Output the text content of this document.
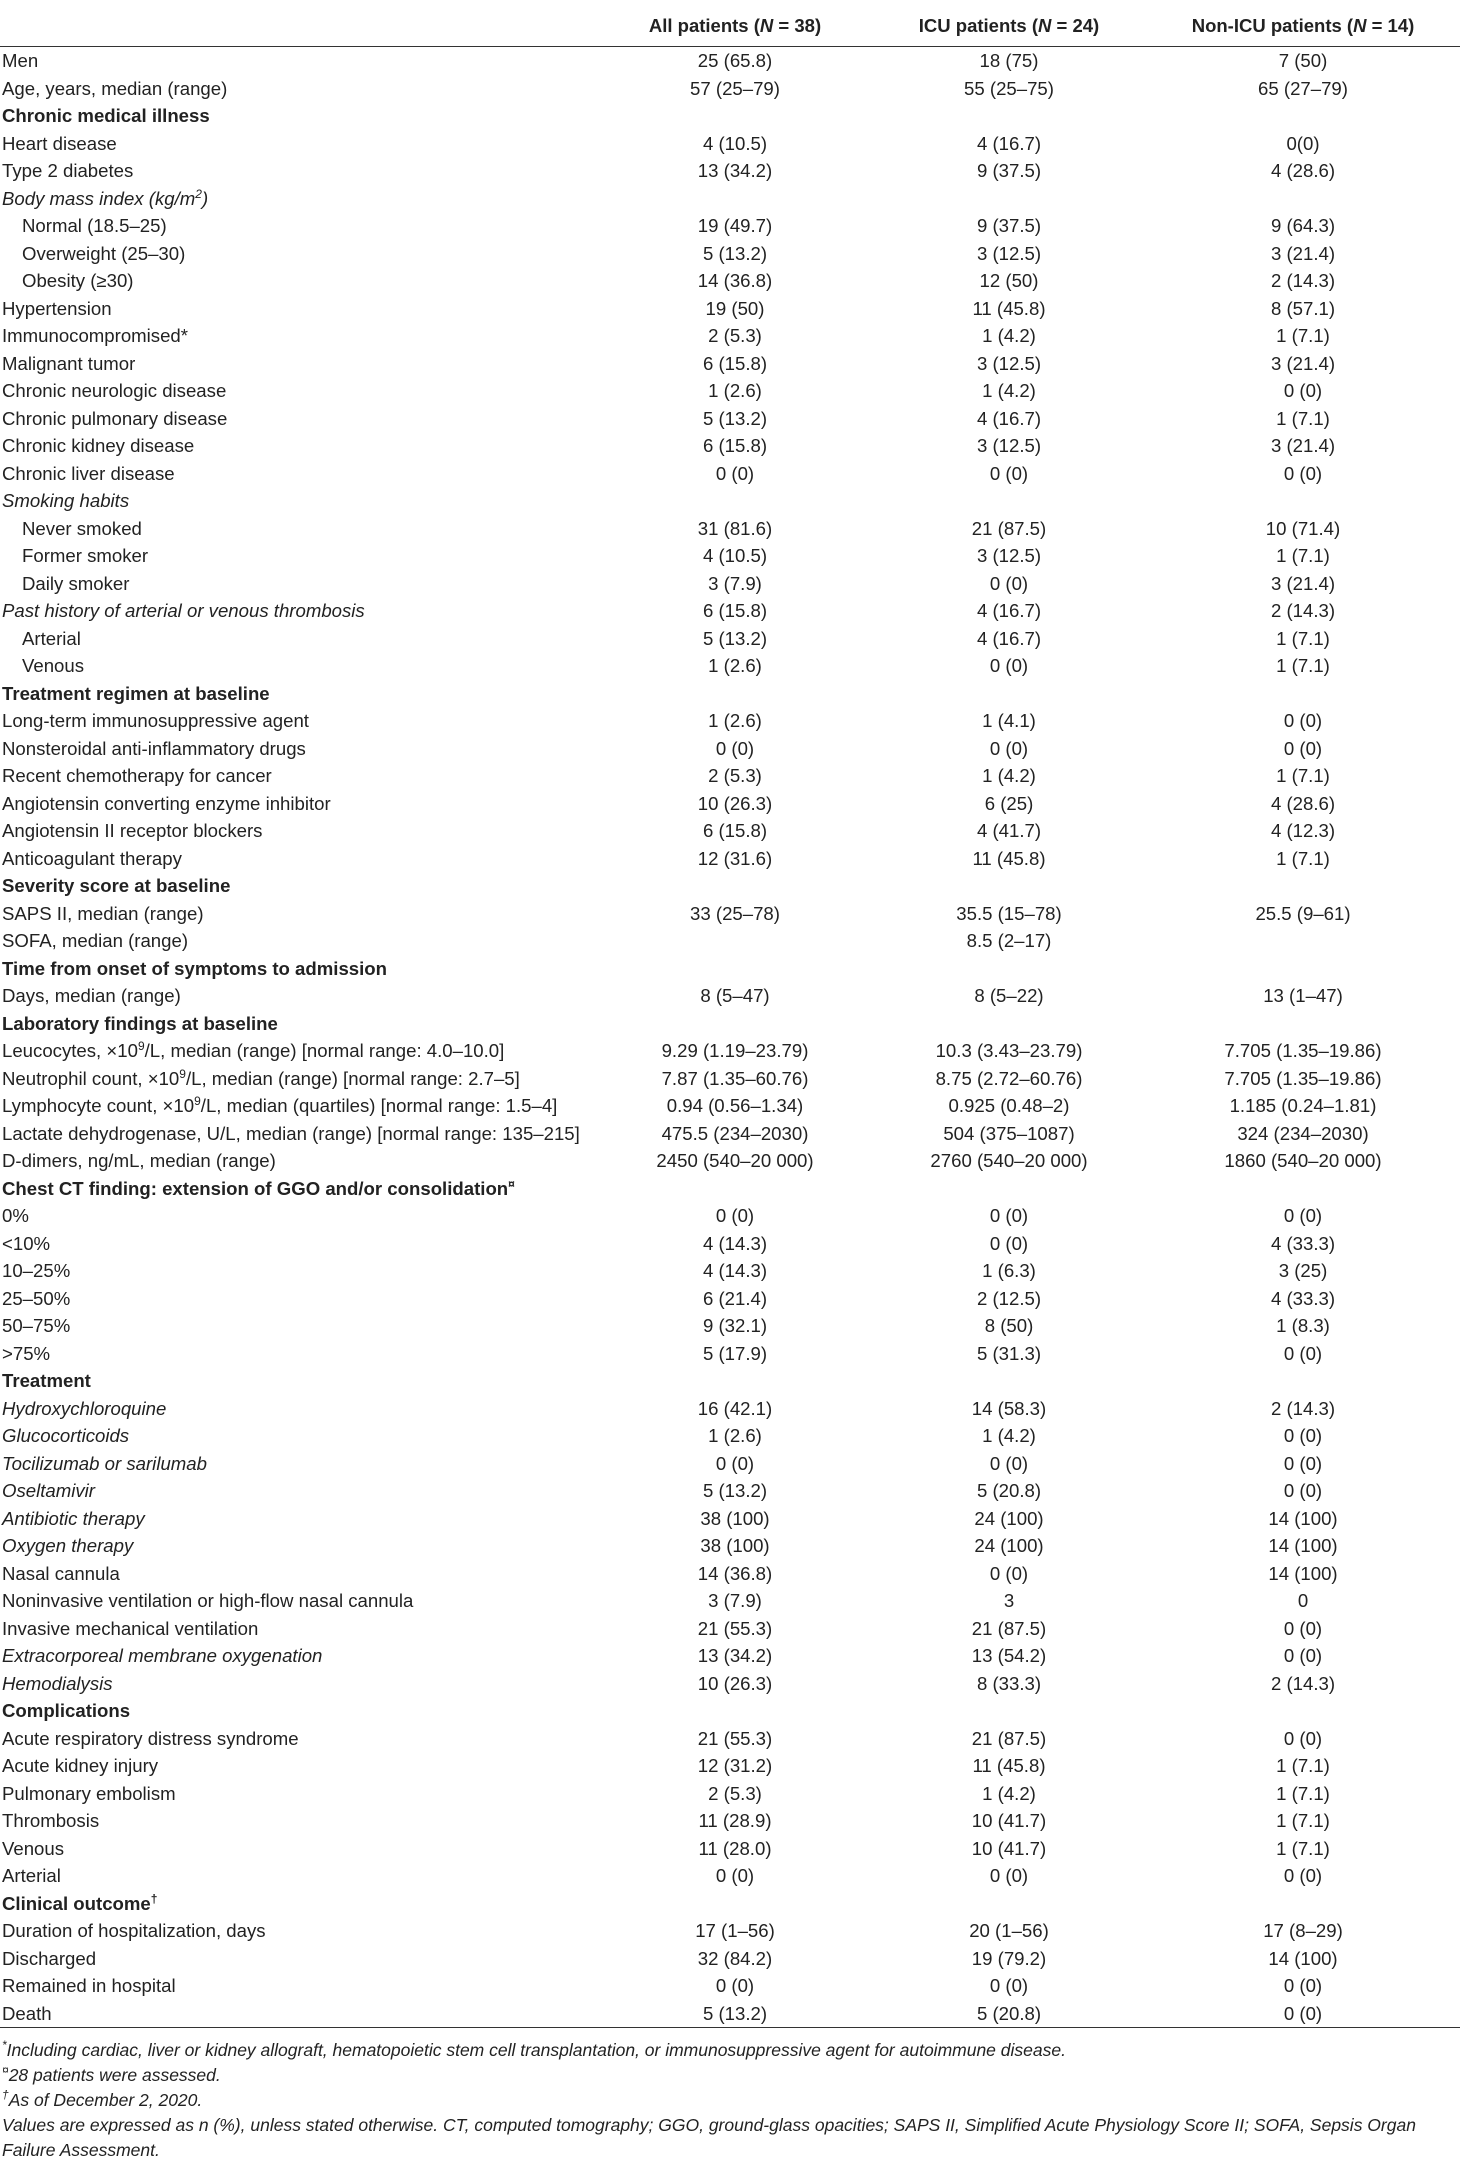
	All patients (N = 38)	ICU patients (N = 24)	Non-ICU patients (N = 14)
Men	25 (65.8)	18 (75)	7 (50)
Age, years, median (range)	57 (25–79)	55 (25–75)	65 (27–79)
Chronic medical illness			
Heart disease	4 (10.5)	4 (16.7)	0(0)
Type 2 diabetes	13 (34.2)	9 (37.5)	4 (28.6)
Body mass index $(kg/m^2)$			
Normal (18.5–25)	19 (49.7)	9 (37.5)	9 (64.3)
Overweight (25–30)	5 (13.2)	3 (12.5)	3 (21.4)
Obesity (≥30)	14 (36.8)	12 (50)	2 (14.3)
Hypertension	19 (50)	11 (45.8)	8 (57.1)
Immunocompromised*	2 (5.3)	1 (4.2)	1 (7.1)
Malignant tumor	6 (15.8)	3 (12.5)	3 (21.4)
Chronic neurologic disease	1 (2.6)	1 (4.2)	0 (0)
Chronic pulmonary disease	5 (13.2)	4 (16.7)	1 (7.1)
Chronic kidney disease	6 (15.8)	3 (12.5)	3 (21.4)
Chronic liver disease	0 (0)	0 (0)	0 (0)
Smoking habits			
Never smoked	31 (81.6)	21 (87.5)	10 (71.4)
Former smoker	4 (10.5)	3 (12.5)	1 (7.1)
Daily smoker	3 (7.9)	0 (0)	3 (21.4)
Past history of arterial or venous thrombosis	6 (15.8)	4 (16.7)	2 (14.3)
Arterial	5 (13.2)	4 (16.7)	1 (7.1)
Venous	1 (2.6)	0 (0)	1 (7.1)
Treatment regimen at baseline			
Long-term immunosuppressive agent	1 (2.6)	1 (4.1)	0 (0)
Nonsteroidal anti-inflammatory drugs	0 (0)	0 (0)	0 (0)
Recent chemotherapy for cancer	2 (5.3)	1 (4.2)	1 (7.1)
Angiotensin converting enzyme inhibitor	10 (26.3)	6 (25)	4 (28.6)
Angiotensin II receptor blockers	6 (15.8)	4 (41.7)	4 (12.3)
Anticoagulant therapy	12 (31.6)	11 (45.8)	1 (7.1)
Severity score at baseline			
SAPS II, median (range)	33 (25–78)	35.5 (15–78)	25.5 (9–61)
SOFA, median (range)		8.5 (2–17)	
Time from onset of symptoms to admission			
Days, median (range)	8 (5–47)	8 (5–22)	13 (1–47)
Laboratory findings at baseline			
Leucocytes, $\times 10^9/L$, median (range) [normal range: 4.0–10.0]	9.29 (1.19–23.79)	10.3 (3.43–23.79)	7.705 (1.35–19.86)
Neutrophil count, $\times 10^9/L$, median (range) [normal range: 2.7–5]	7.87 (1.35–60.76)	8.75 (2.72–60.76)	7.705 (1.35–19.86)
Lymphocyte count, $\times 10^9/L$, median (quartiles) [normal range: 1.5–4]	0.94 (0.56–1.34)	0.925 (0.48–2)	1.185 (0.24–1.81)
Lactate dehydrogenase, U/L, median (range) [normal range: 135–215]	475.5 (234–2030)	504 (375–1087)	324 (234–2030)
D-dimers, ng/mL, median (range)	2450 (540–20 000)	2760 (540–20 000)	1860 (540–20 000)
Chest CT finding: extension of GGO and/or consolidation¤			
0%	0 (0)	0 (0)	0 (0)
<10%	4 (14.3)	0 (0)	4 (33.3)
10–25%	4 (14.3)	1 (6.3)	3 (25)
25–50%	6 (21.4)	2 (12.5)	4 (33.3)
50–75%	9 (32.1)	8 (50)	1 (8.3)
>75%	5 (17.9)	5 (31.3)	0 (0)
Treatment			
Hydroxychloroquine	16 (42.1)	14 (58.3)	2 (14.3)
Glucocorticoids	1 (2.6)	1 (4.2)	0 (0)
Tocilizumab or sarilumab	0 (0)	0 (0)	0 (0)
Oseltamivir	5 (13.2)	5 (20.8)	0 (0)
Antibiotic therapy	38 (100)	24 (100)	14 (100)
Oxygen therapy	38 (100)	24 (100)	14 (100)
Nasal cannula	14 (36.8)	0 (0)	14 (100)
Noninvasive ventilation or high-flow nasal cannula	3 (7.9)	3	0
Invasive mechanical ventilation	21 (55.3)	21 (87.5)	0 (0)
Extracorporeal membrane oxygenation	13 (34.2)	13 (54.2)	0 (0)
Hemodialysis	10 (26.3)	8 (33.3)	2 (14.3)
Complications			
Acute respiratory distress syndrome	21 (55.3)	21 (87.5)	0 (0)
Acute kidney injury	12 (31.2)	11 (45.8)	1 (7.1)
Pulmonary embolism	2 (5.3)	1 (4.2)	1 (7.1)
Thrombosis	11 (28.9)	10 (41.7)	1 (7.1)
Venous	11 (28.0)	10 (41.7)	1 (7.1)
Arterial	0 (0)	0 (0)	0 (0)
Clinical outcome†			
Duration of hospitalization, days	17 (1–56)	20 (1–56)	17 (8–29)
Discharged	32 (84.2)	19 (79.2)	14 (100)
Remained in hospital	0 (0)	0 (0)	0 (0)
Death	5 (13.2)	5 (20.8)	0 (0)
*Including cardiac, liver or kidney allograft, hematopoietic stem cell transplantation, or immunosuppressive agent for autoimmune disease.
¤28 patients were assessed.
†As of December 2, 2020.
Values are expressed as n (%), unless stated otherwise. CT, computed tomography; GGO, ground-glass opacities; SAPS II, Simplified Acute Physiology Score II; SOFA, Sepsis Organ Failure Assessment.
